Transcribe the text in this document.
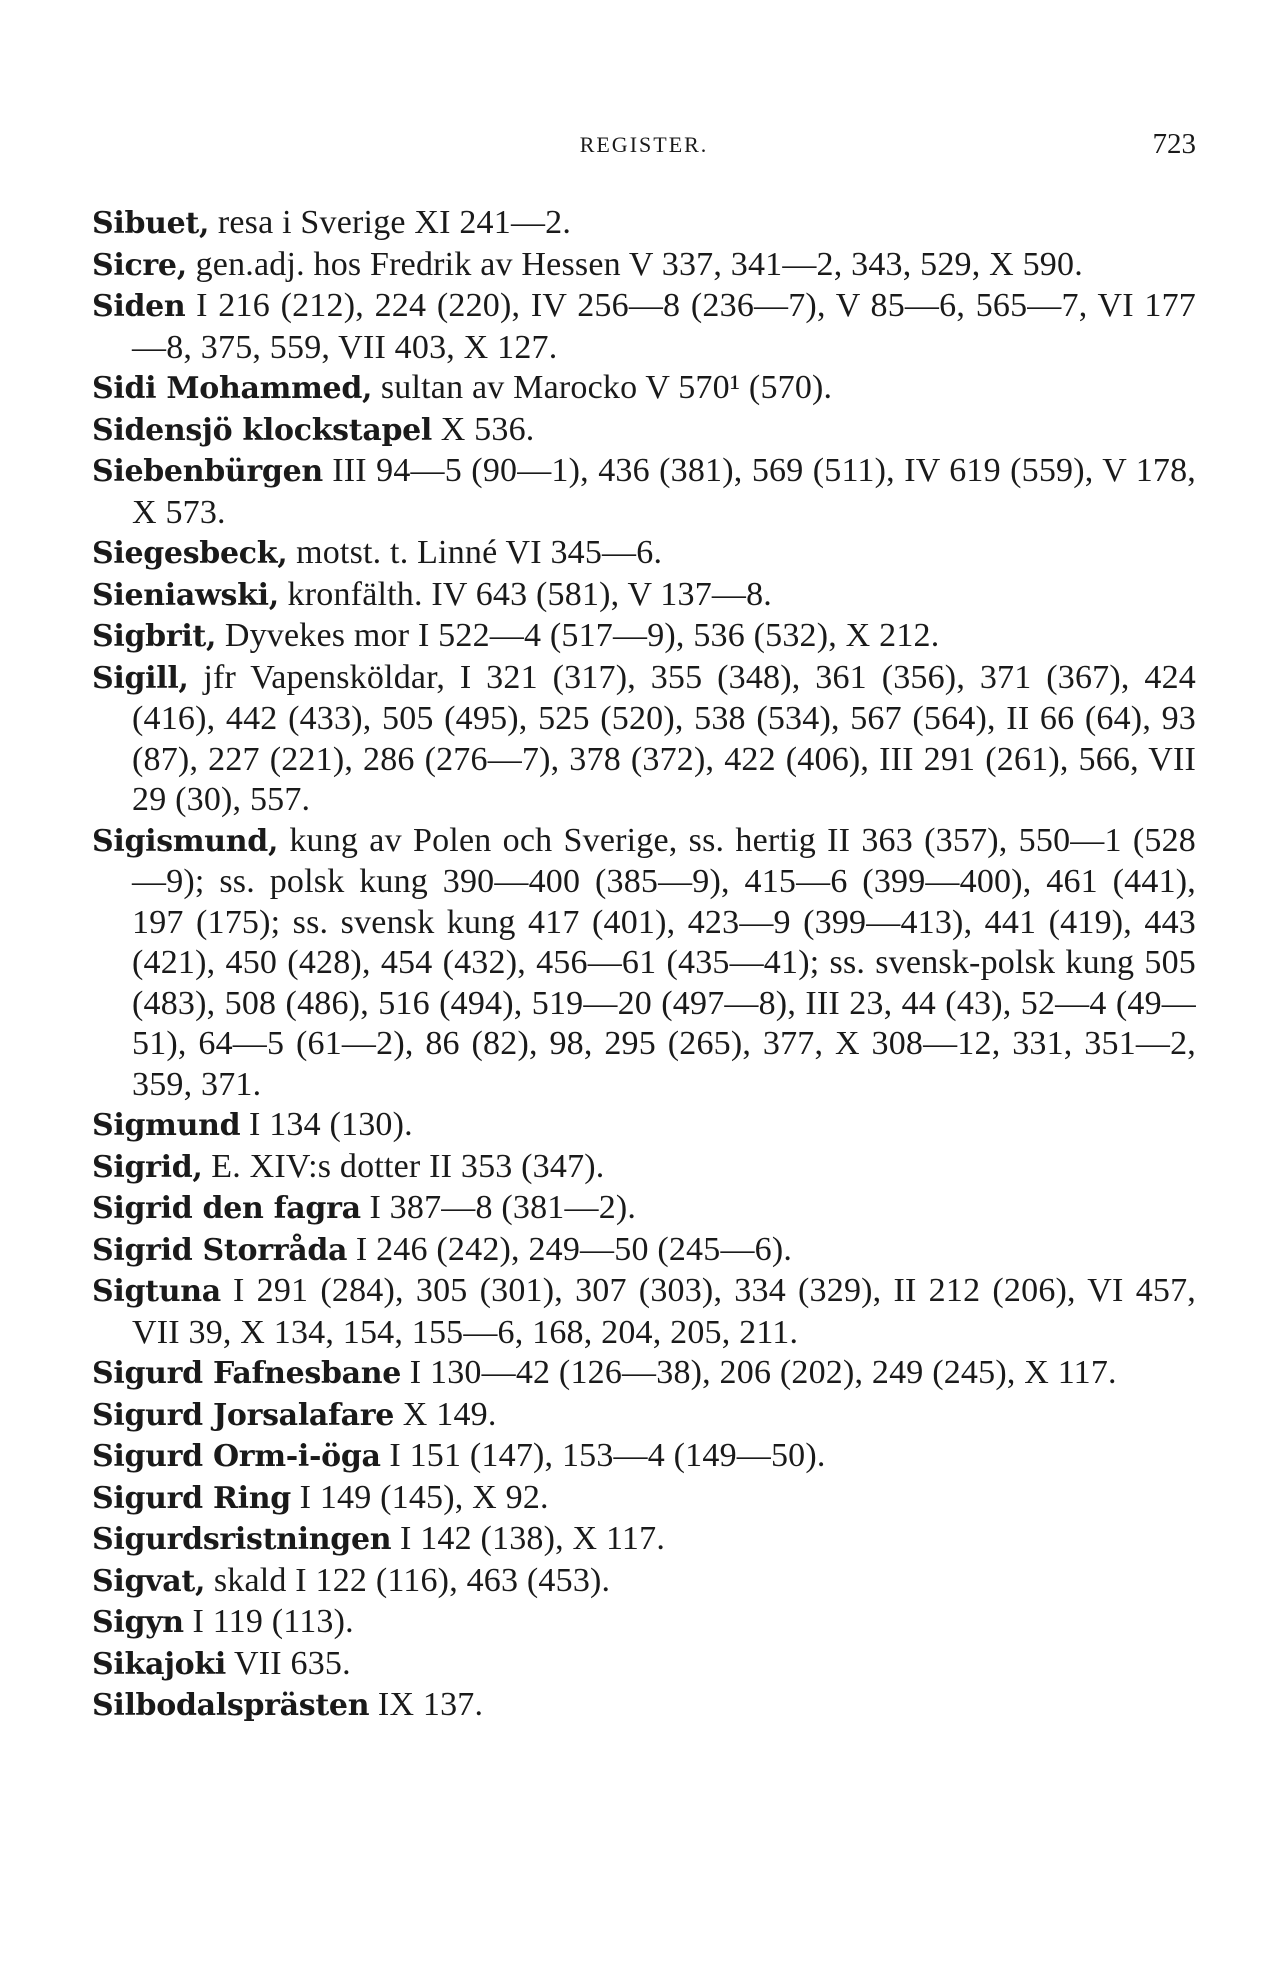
REGISTER.	723

Sibuet, resa i Sverige XI 241—2.

Sicre, gen.adj. hos Fredrik av Hessen V 337, 341—2, 343, 529, X 590.

Siden I 216 (212), 224 (220), IV 256—8 (236—7), V 85—6, 565—7, VI 177—8, 375, 559, VII 403, X 127.

Sidi Mohammed, sultan av Marocko V 570¹ (570).

Sidensjö klockstapel X 536.

Siebenbürgen III 94—5 (90—1), 436 (381), 569 (511), IV 619 (559), V 178, X 573.

Siegesbeck, motst. t. Linné VI 345—6.

Sieniawski, kronfälth. IV 643 (581), V 137—8.

Sigbrit, Dyvekes mor I 522—4 (517—9), 536 (532), X 212.

Sigill, jfr Vapensköldar, I 321 (317), 355 (348), 361 (356), 371 (367), 424 (416), 442 (433), 505 (495), 525 (520), 538 (534), 567 (564), II 66 (64), 93 (87), 227 (221), 286 (276—7), 378 (372), 422 (406), III 291 (261), 566, VII 29 (30), 557.

Sigismund, kung av Polen och Sverige, ss. hertig II 363 (357), 550—1 (528—9); ss. polsk kung 390—400 (385—9), 415—6 (399—400), 461 (441), 197 (175); ss. svensk kung 417 (401), 423—9 (399—413), 441 (419), 443 (421), 450 (428), 454 (432), 456—61 (435—41); ss. svensk-polsk kung 505 (483), 508 (486), 516 (494), 519—20 (497—8), III 23, 44 (43), 52—4 (49—51), 64—5 (61—2), 86 (82), 98, 295 (265), 377, X 308—12, 331, 351—2, 359, 371.

Sigmund I 134 (130).

Sigrid, E. XIV:s dotter II 353 (347).

Sigrid den fagra I 387—8 (381—2).

Sigrid Storråda I 246 (242), 249—50 (245—6).

Sigtuna I 291 (284), 305 (301), 307 (303), 334 (329), II 212 (206), VI 457, VII 39, X 134, 154, 155—6, 168, 204, 205, 211.

Sigurd Fafnesbane I 130—42 (126—38), 206 (202), 249 (245), X 117.

Sigurd Jorsalafare X 149.

Sigurd Orm-i-öga I 151 (147), 153—4 (149—50).

Sigurd Ring I 149 (145), X 92.

Sigurdsristningen I 142 (138), X 117.

Sigvat, skald I 122 (116), 463 (453).

Sigyn I 119 (113).

Sikajoki VII 635.

Silbodalsprästen IX 137.
